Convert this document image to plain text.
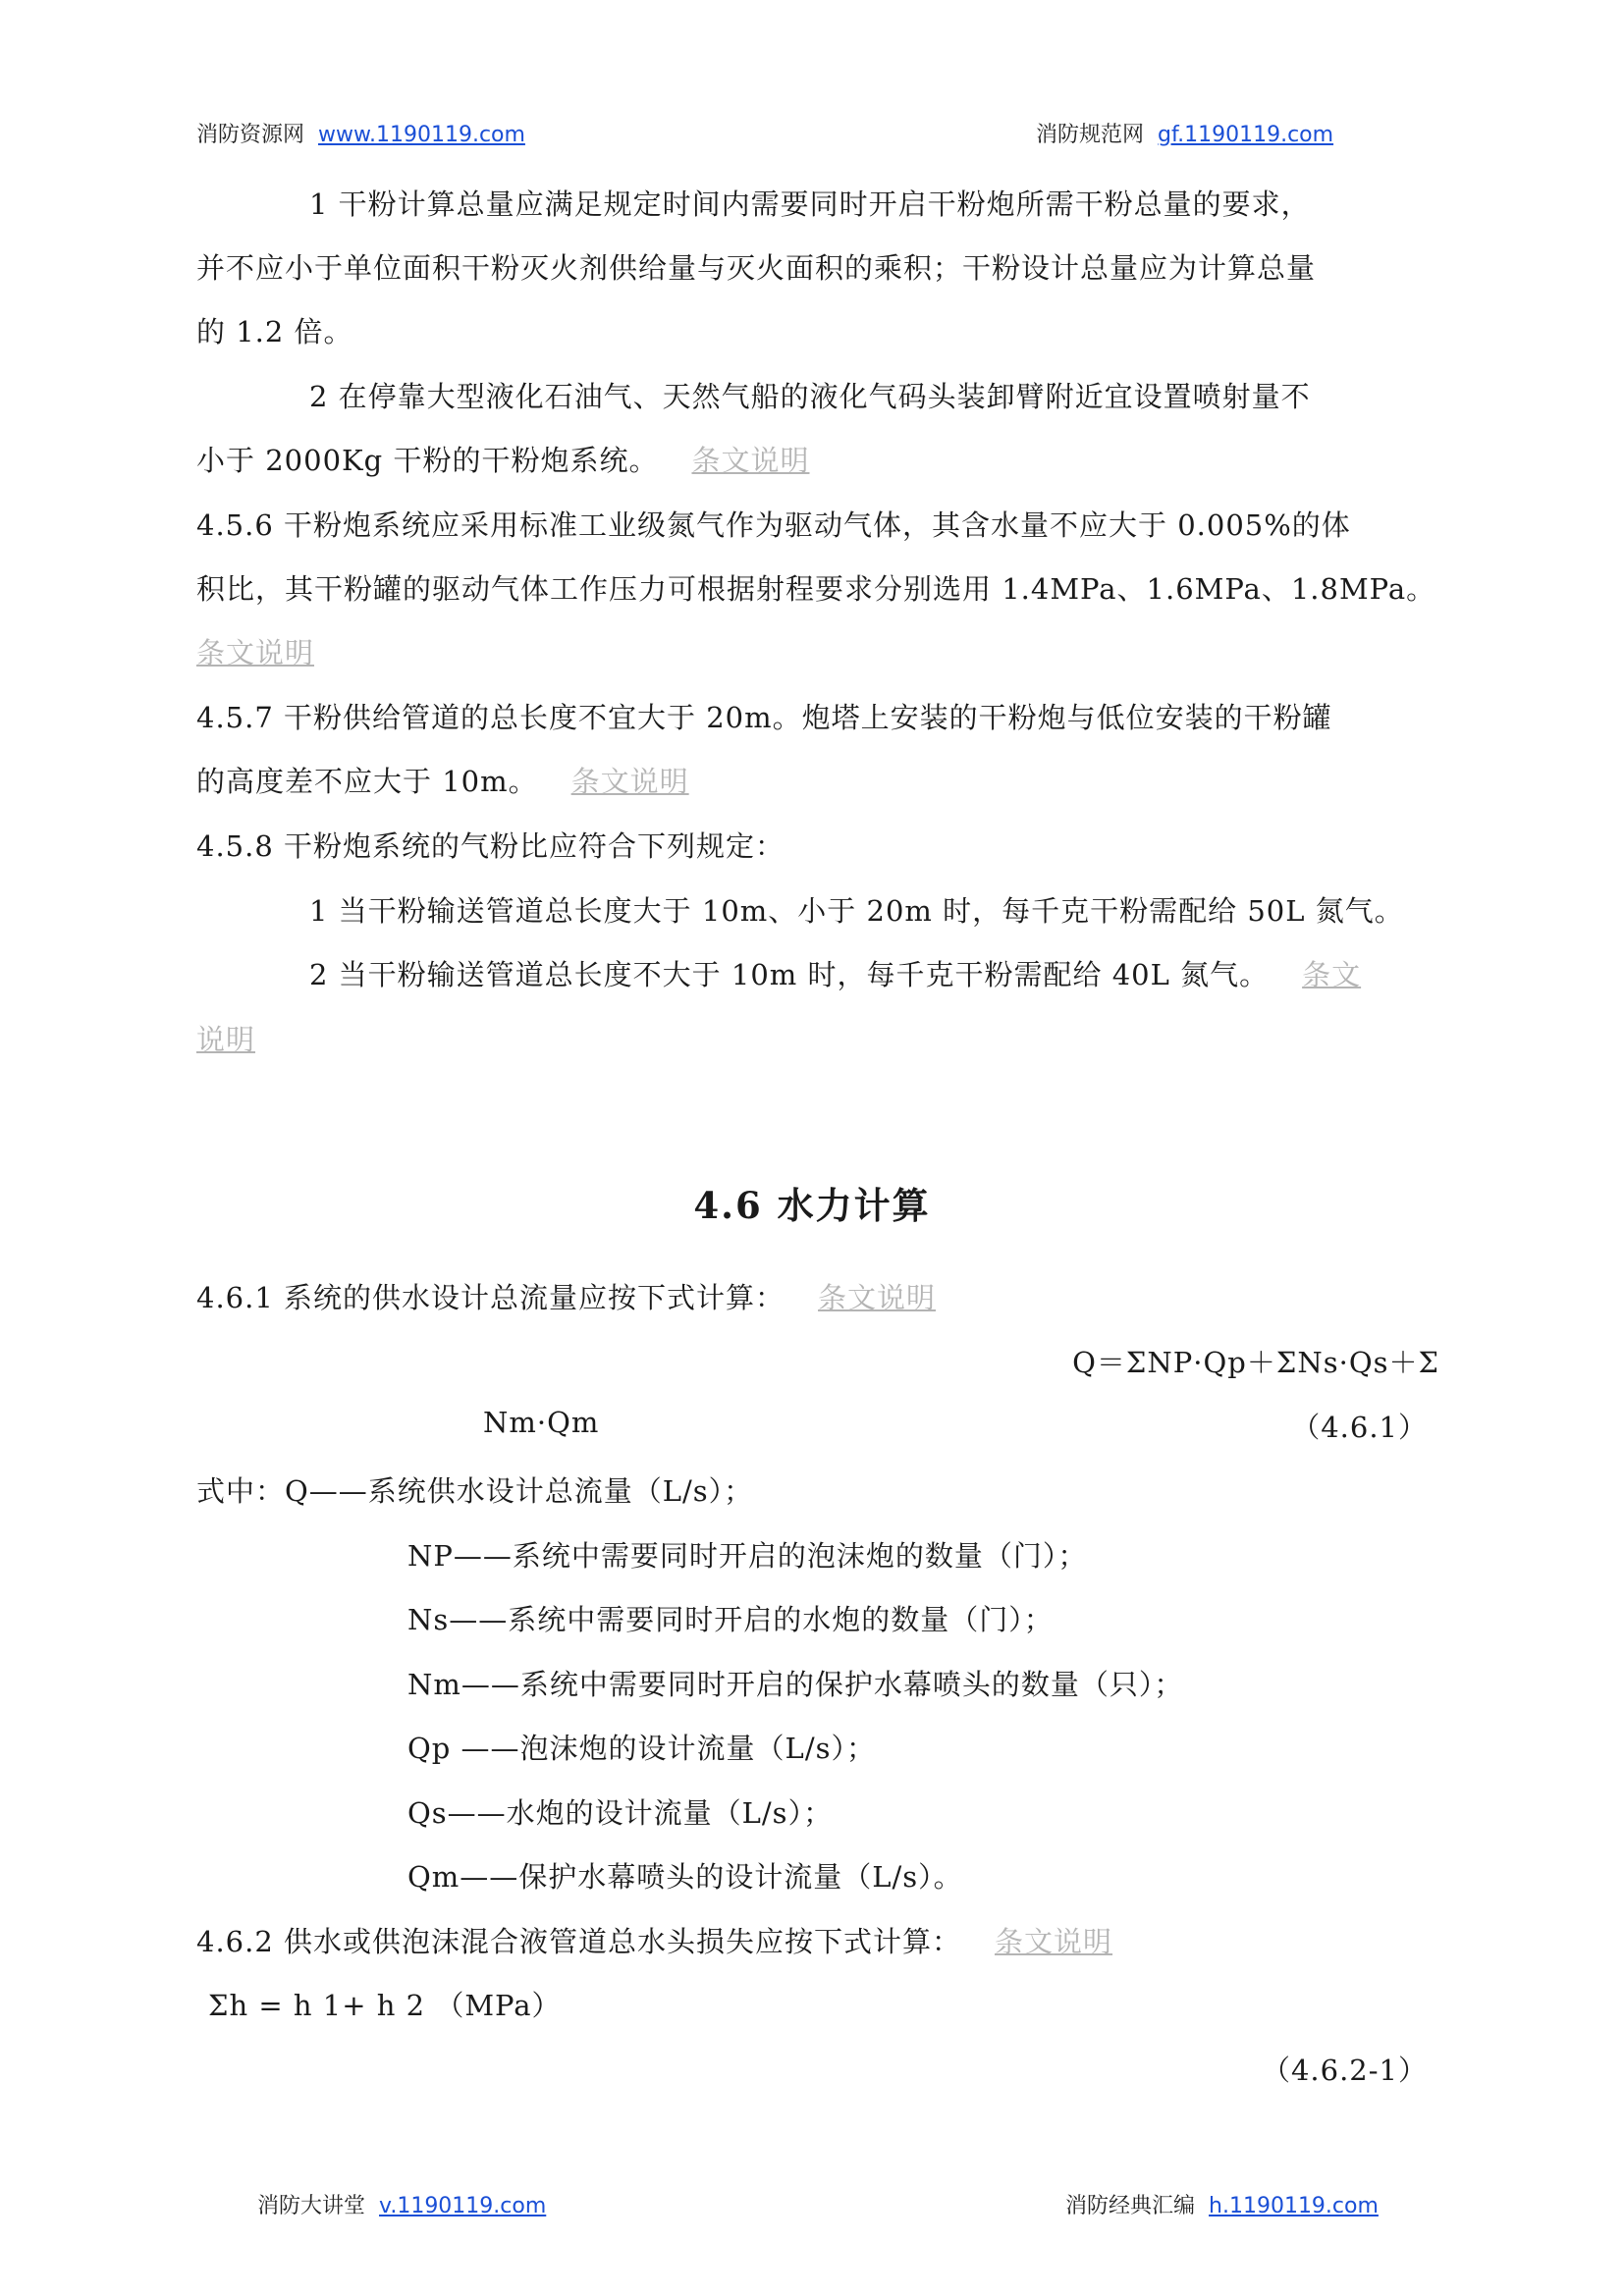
消防资源网 www.1190119.com	消防规范网 gf.1190119.com
1 干粉计算总量应满足规定时间内需要同时开启干粉炮所需干粉总量的要求，
并不应小于单位面积干粉灭火剂供给量与灭火面积的乘积；干粉设计总量应为计算总量
的 1.2 倍。
2 在停靠大型液化石油气、天然气船的液化气码头装卸臂附近宜设置喷射量不
小于 2000Kg 干粉的干粉炮系统。 条文说明
4.5.6 干粉炮系统应采用标准工业级氮气作为驱动气体，其含水量不应大于 0.005%的体
积比，其干粉罐的驱动气体工作压力可根据射程要求分别选用 1.4MPa、1.6MPa、1.8MPa。
条文说明
4.5.7 干粉供给管道的总长度不宜大于 20m。炮塔上安装的干粉炮与低位安装的干粉罐
的高度差不应大于 10m。 条文说明
4.5.8 干粉炮系统的气粉比应符合下列规定：
1 当干粉输送管道总长度大于 10m、小于 20m 时，每千克干粉需配给 50L 氮气。
2 当干粉输送管道总长度不大于 10m 时，每千克干粉需配给 40L 氮气。 条文
说明
4.6 水力计算
4.6.1 系统的供水设计总流量应按下式计算： 条文说明
Q＝ΣNP·Qp＋ΣNs·Qs＋Σ
Nm·Qm	（4.6.1）
式中：Q——系统供水设计总流量（L/s）；
NP——系统中需要同时开启的泡沫炮的数量（门）；
Ns——系统中需要同时开启的水炮的数量（门）；
Nm——系统中需要同时开启的保护水幕喷头的数量（只）；
Qp ——泡沫炮的设计流量（L/s）；
Qs——水炮的设计流量（L/s）；
Qm——保护水幕喷头的设计流量（L/s）。
4.6.2 供水或供泡沫混合液管道总水头损失应按下式计算： 条文说明
Σh = h 1+ h 2 （MPa）
（4.6.2-1）
消防大讲堂 v.1190119.com	消防经典汇编 h.1190119.com
